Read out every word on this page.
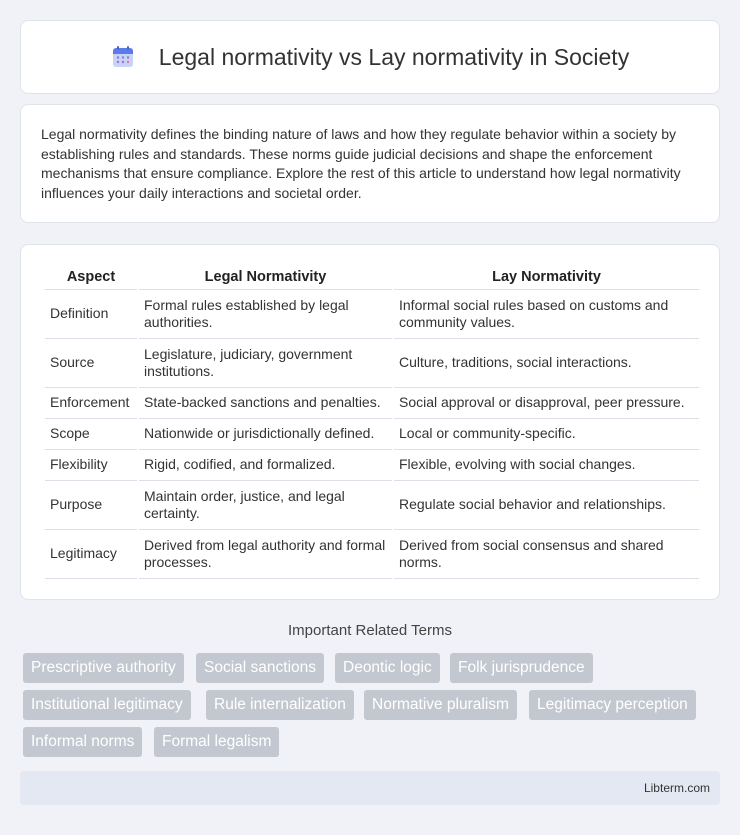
Legal normativity vs Lay normativity in Society

Legal normativity defines the binding nature of laws and how they regulate behavior within a society by establishing rules and standards. These norms guide judicial decisions and shape the enforcement mechanisms that ensure compliance. Explore the rest of this article to understand how legal normativity influences your daily interactions and societal order.

Aspect	Legal Normativity	Lay Normativity
Definition	Formal rules established by legal authorities.	Informal social rules based on customs and community values.
Source	Legislature, judiciary, government institutions.	Culture, traditions, social interactions.
Enforcement	State-backed sanctions and penalties.	Social approval or disapproval, peer pressure.
Scope	Nationwide or jurisdictionally defined.	Local or community-specific.
Flexibility	Rigid, codified, and formalized.	Flexible, evolving with social changes.
Purpose	Maintain order, justice, and legal certainty.	Regulate social behavior and relationships.
Legitimacy	Derived from legal authority and formal processes.	Derived from social consensus and shared norms.
Important Related Terms
Prescriptive authority	Social sanctions	Deontic logic	Folk jurisprudence
Institutional legitimacy	Rule internalization	Normative pluralism	Legitimacy perception
Informal norms	Formal legalism
Libterm.com
